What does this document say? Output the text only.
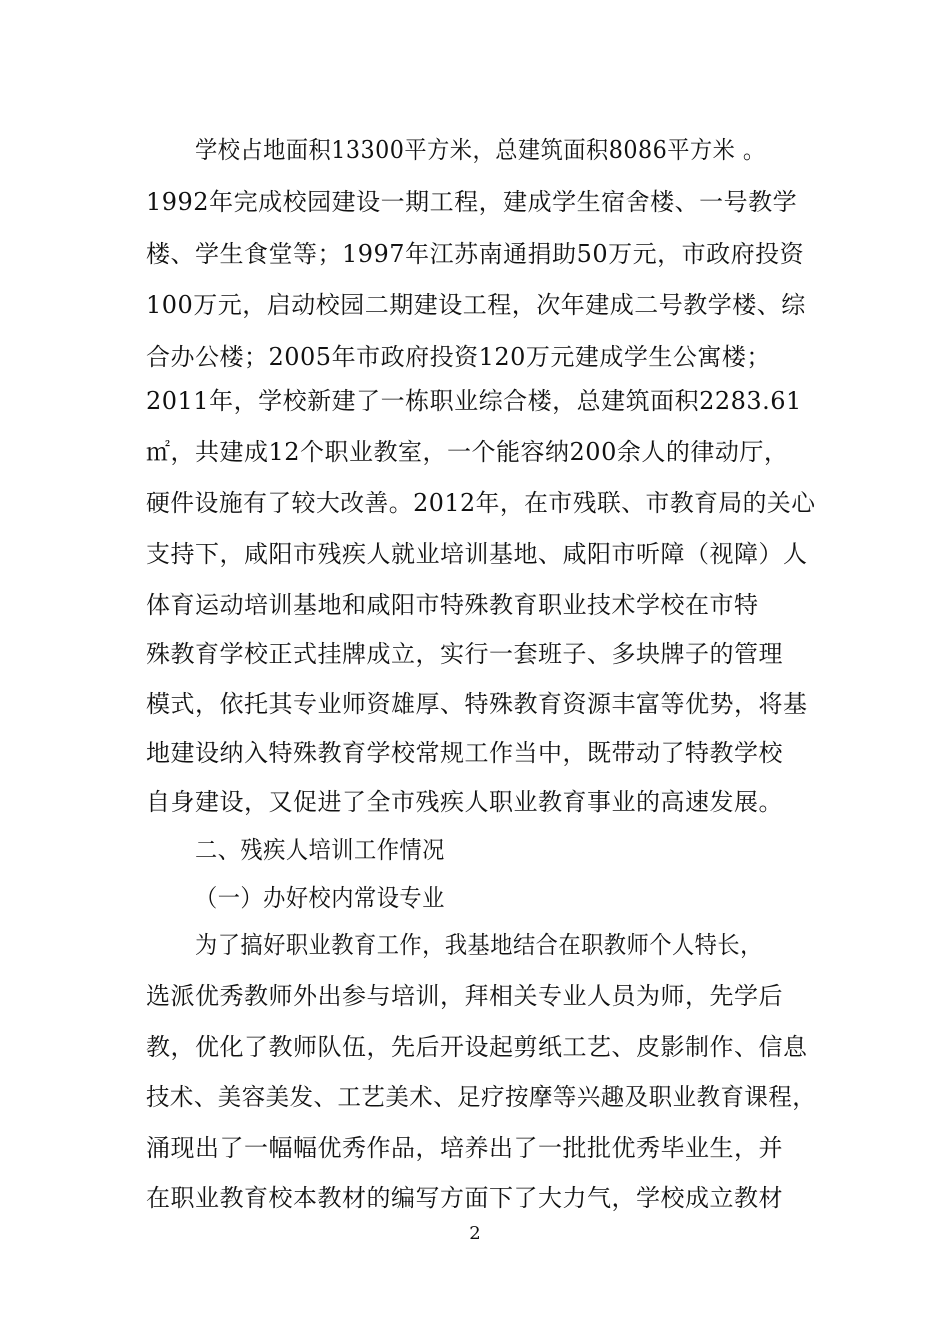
学校占地面积13300平方米，总建筑面积8086平方米 。
1992年完成校园建设一期工程，建成学生宿舍楼、一号教学
楼、学生食堂等；1997年江苏南通捐助50万元，市政府投资
100万元，启动校园二期建设工程，次年建成二号教学楼、综
合办公楼；2005年市政府投资120万元建成学生公寓楼；
2011年，学校新建了一栋职业综合楼，总建筑面积2283.61
㎡，共建成12个职业教室，一个能容纳200余人的律动厅，
硬件设施有了较大改善。2012年，在市残联、市教育局的关心
支持下，咸阳市残疾人就业培训基地、咸阳市听障（视障）人
体育运动培训基地和咸阳市特殊教育职业技术学校在市特
殊教育学校正式挂牌成立，实行一套班子、多块牌子的管理
模式，依托其专业师资雄厚、特殊教育资源丰富等优势，将基
地建设纳入特殊教育学校常规工作当中，既带动了特教学校
自身建设，又促进了全市残疾人职业教育事业的高速发展。
二、残疾人培训工作情况
（一）办好校内常设专业
为了搞好职业教育工作，我基地结合在职教师个人特长，
选派优秀教师外出参与培训，拜相关专业人员为师，先学后
教，优化了教师队伍，先后开设起剪纸工艺、皮影制作、信息
技术、美容美发、工艺美术、足疗按摩等兴趣及职业教育课程，
涌现出了一幅幅优秀作品，培养出了一批批优秀毕业生，并
在职业教育校本教材的编写方面下了大力气，学校成立教材
2
